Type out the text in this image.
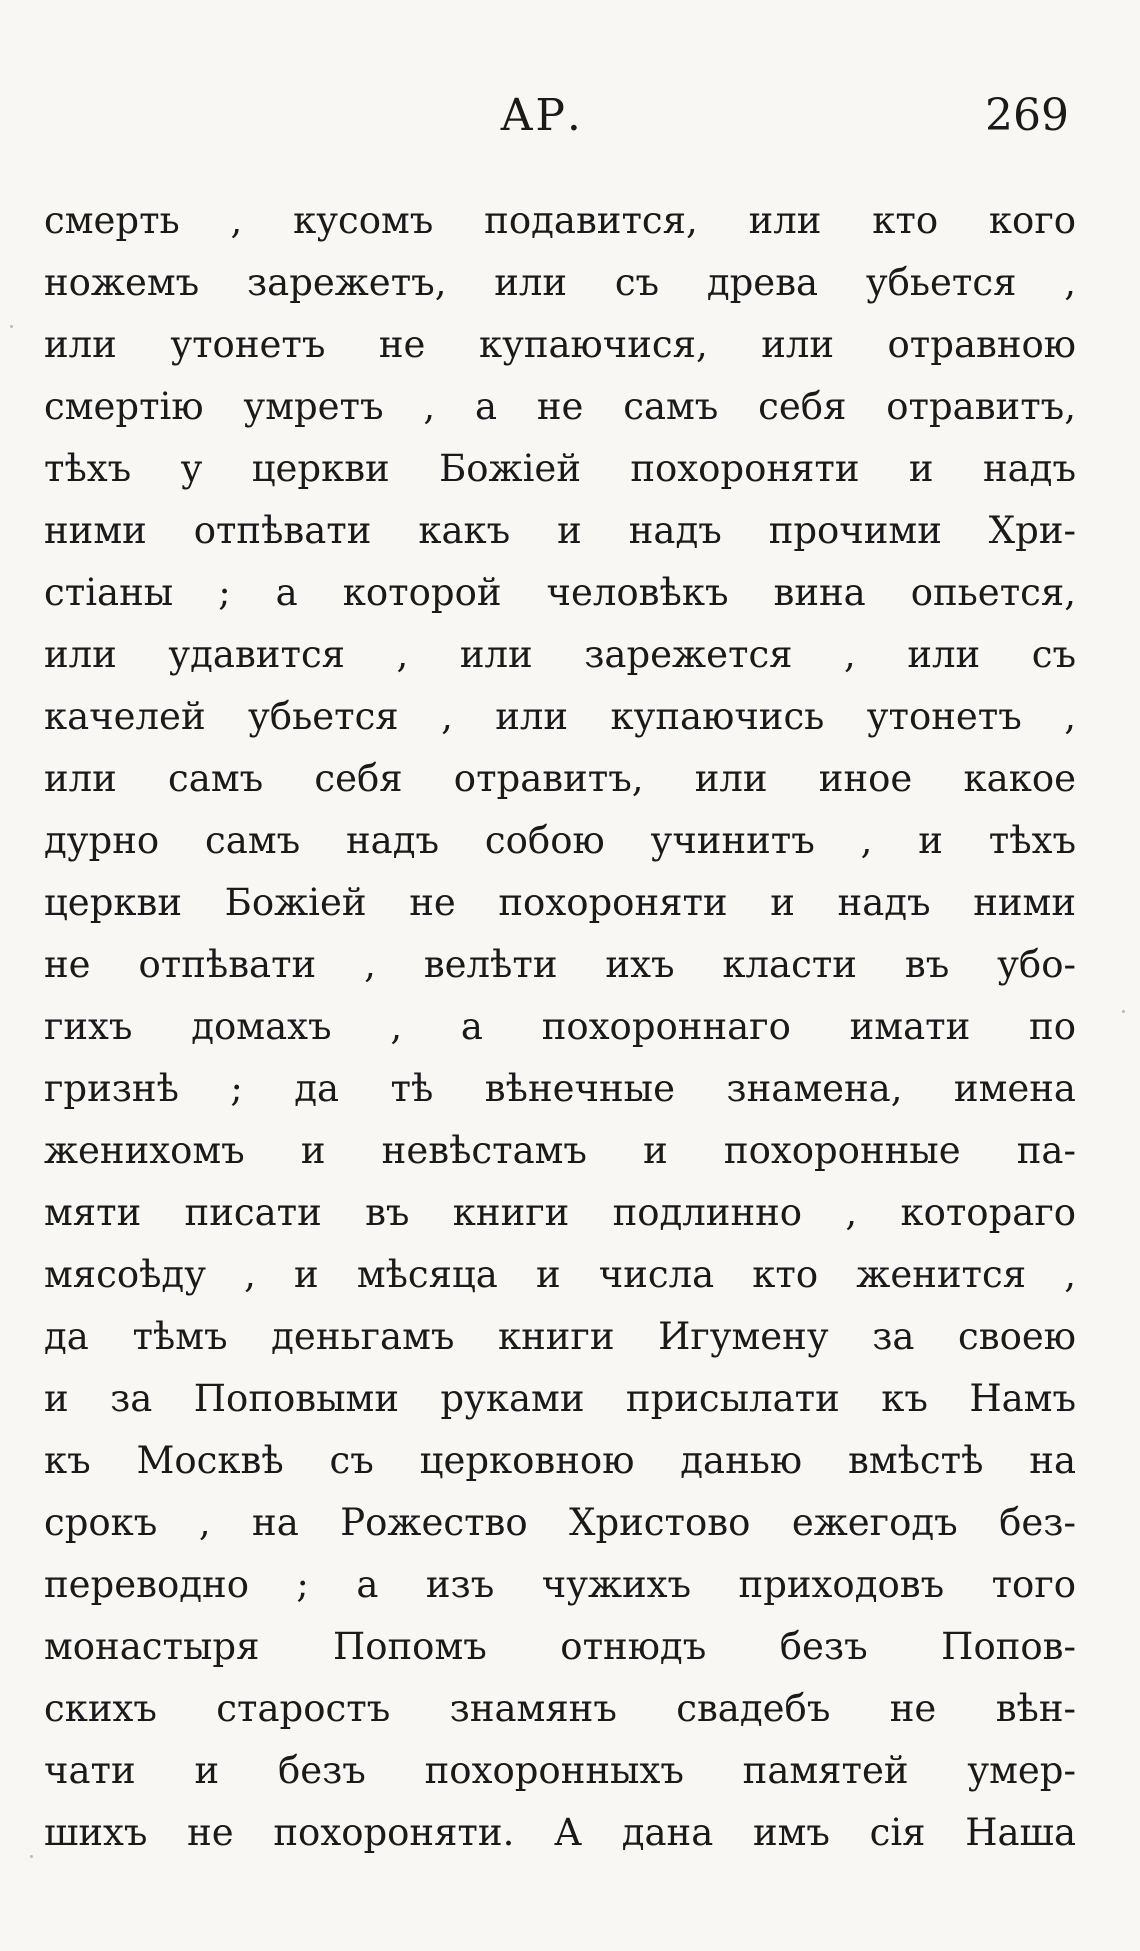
АР.	269
смерть , кусомъ подавится, или кто кого
ножемъ зарежетъ, или съ древа убьется ,
или утонетъ не купаючися, или отравною
смертію умретъ , а не самъ себя отравитъ,
тѣхъ у церкви Божіей похороняти и надъ
ними отпѣвати какъ и надъ прочими Хри-
стіаны ; а которой человѣкъ вина опьется,
или удавится , или зарежется , или съ
качелей убьется , или купаючись утонетъ ,
или самъ себя отравитъ, или иное какое
дурно самъ надъ собою учинитъ , и тѣхъ
церкви Божіей не похороняти и надъ ними
не отпѣвати , велѣти ихъ класти въ убо-
гихъ домахъ , а похороннаго имати по
гризнѣ ; да тѣ вѣнечные знамена, имена
женихомъ и невѣстамъ и похоронные па-
мяти писати въ книги подлинно , котораго
мясоѣду , и мѣсяца и числа кто женится ,
да тѣмъ деньгамъ книги Игумену за своею
и за Поповыми руками присылати къ Намъ
къ Москвѣ съ церковною данью вмѣстѣ на
срокъ , на Рожество Христово ежегодъ без-
переводно ; а изъ чужихъ приходовъ того
монастыря Попомъ отнюдъ безъ Попов-
скихъ старостъ знамянъ свадебъ не вѣн-
чати и безъ похоронныхъ памятей умер-
шихъ не похороняти. А дана имъ сія Наша
